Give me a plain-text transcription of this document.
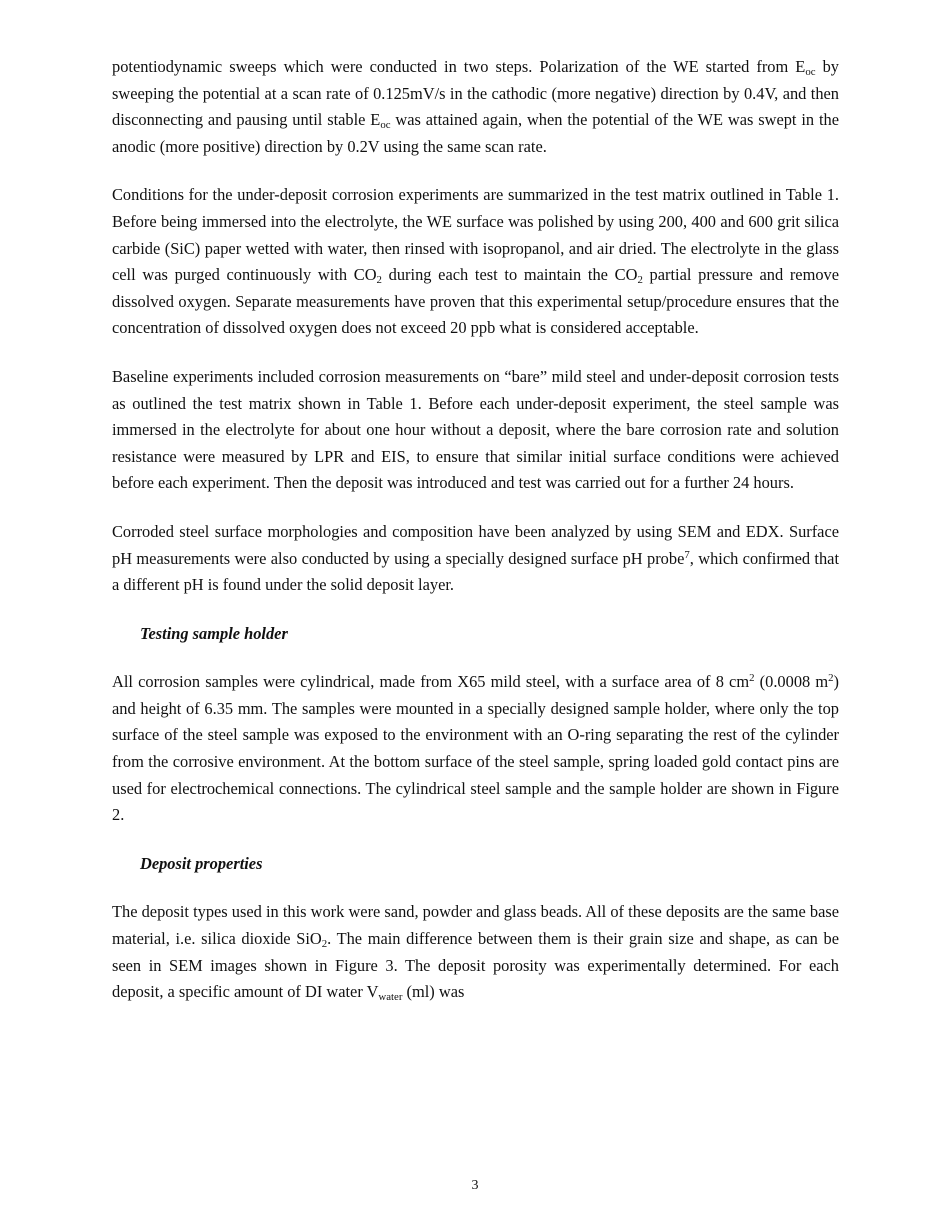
potentiodynamic sweeps which were conducted in two steps. Polarization of the WE started from $E_{oc}$ by sweeping the potential at a scan rate of 0.125mV/s in the cathodic (more negative) direction by 0.4V, and then disconnecting and pausing until stable $E_{oc}$ was attained again, when the potential of the WE was swept in the anodic (more positive) direction by 0.2V using the same scan rate.

Conditions for the under-deposit corrosion experiments are summarized in the test matrix outlined in Table 1. Before being immersed into the electrolyte, the WE surface was polished by using 200, 400 and 600 grit silica carbide (SiC) paper wetted with water, then rinsed with isopropanol, and air dried. The electrolyte in the glass cell was purged continuously with $CO_2$ during each test to maintain the $CO_2$ partial pressure and remove dissolved oxygen. Separate measurements have proven that this experimental setup/procedure ensures that the concentration of dissolved oxygen does not exceed 20 ppb what is considered acceptable.

Baseline experiments included corrosion measurements on “bare” mild steel and under-deposit corrosion tests as outlined the test matrix shown in Table 1. Before each under-deposit experiment, the steel sample was immersed in the electrolyte for about one hour without a deposit, where the bare corrosion rate and solution resistance were measured by LPR and EIS, to ensure that similar initial surface conditions were achieved before each experiment. Then the deposit was introduced and test was carried out for a further 24 hours.

Corroded steel surface morphologies and composition have been analyzed by using SEM and EDX. Surface pH measurements were also conducted by using a specially designed surface pH probe$^7$, which confirmed that a different pH is found under the solid deposit layer.

Testing sample holder

All corrosion samples were cylindrical, made from X65 mild steel, with a surface area of 8 $cm^2$ (0.0008 $m^2$) and height of 6.35 mm. The samples were mounted in a specially designed sample holder, where only the top surface of the steel sample was exposed to the environment with an O-ring separating the rest of the cylinder from the corrosive environment. At the bottom surface of the steel sample, spring loaded gold contact pins are used for electrochemical connections. The cylindrical steel sample and the sample holder are shown in Figure 2.

Deposit properties

The deposit types used in this work were sand, powder and glass beads. All of these deposits are the same base material, i.e. silica dioxide SiO$_2$. The main difference between them is their grain size and shape, as can be seen in SEM images shown in Figure 3. The deposit porosity was experimentally determined. For each deposit, a specific amount of DI water $V_{water}$ (ml) was

3
